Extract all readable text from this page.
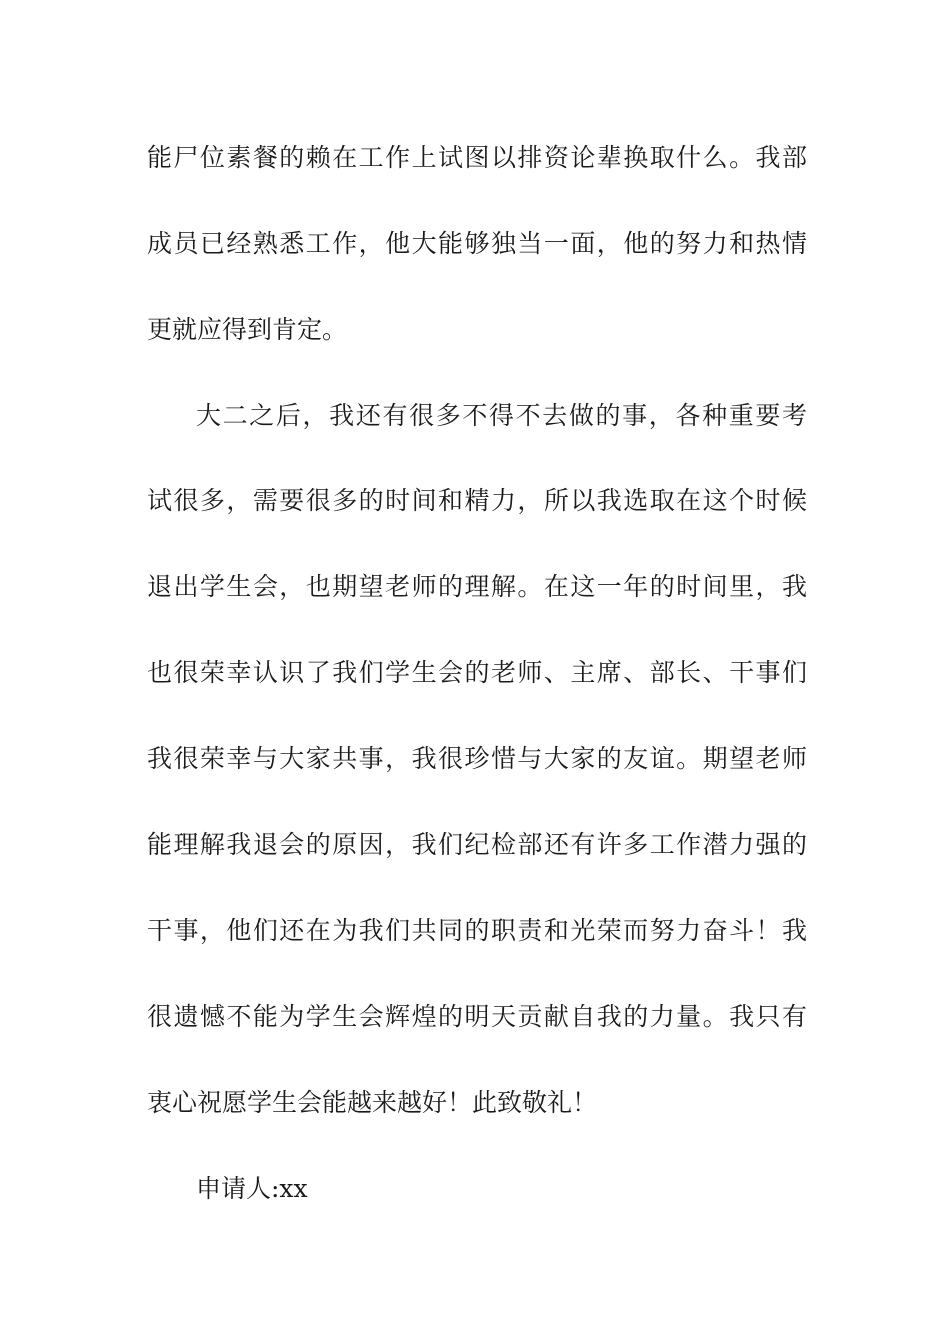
能尸位素餐的赖在工作上试图以排资论辈换取什么。我部
成员已经熟悉工作，他大能够独当一面，他的努力和热情
更就应得到肯定。
大二之后，我还有很多不得不去做的事，各种重要考
试很多，需要很多的时间和精力，所以我选取在这个时候
退出学生会，也期望老师的理解。在这一年的时间里，我
也很荣幸认识了我们学生会的老师、主席、部长、干事们
我很荣幸与大家共事，我很珍惜与大家的友谊。期望老师
能理解我退会的原因，我们纪检部还有许多工作潜力强的
干事，他们还在为我们共同的职责和光荣而努力奋斗！我
很遗憾不能为学生会辉煌的明天贡献自我的力量。我只有
衷心祝愿学生会能越来越好！此致敬礼！
申请人:xx
